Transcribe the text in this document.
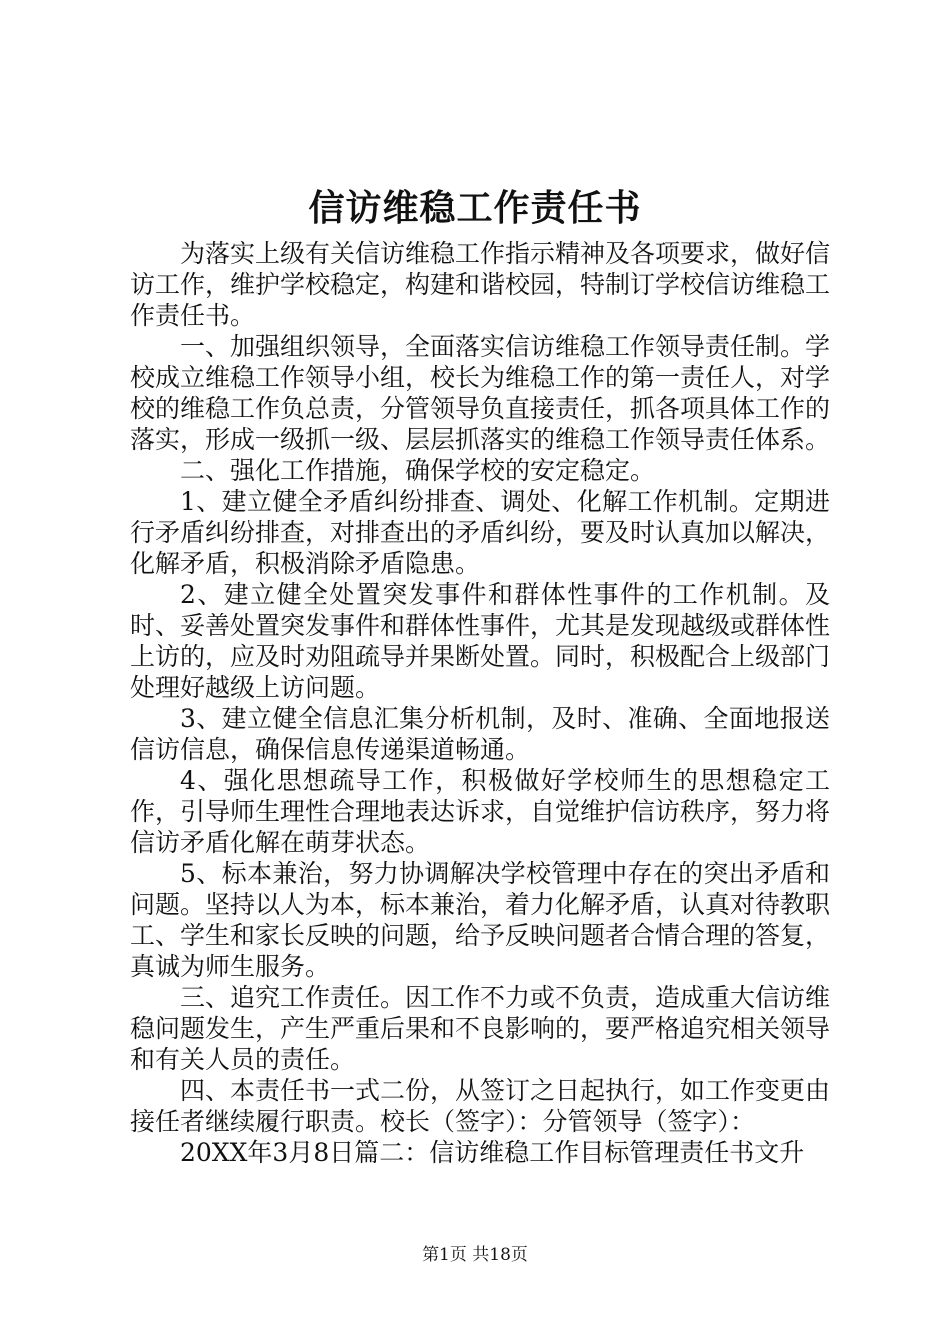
信访维稳工作责任书

为落实上级有关信访维稳工作指示精神及各项要求，做好信访工作，维护学校稳定，构建和谐校园，特制订学校信访维稳工作责任书。

一、加强组织领导，全面落实信访维稳工作领导责任制。学校成立维稳工作领导小组，校长为维稳工作的第一责任人，对学校的维稳工作负总责，分管领导负直接责任，抓各项具体工作的落实，形成一级抓一级、层层抓落实的维稳工作领导责任体系。

二、强化工作措施，确保学校的安定稳定。

1、建立健全矛盾纠纷排查、调处、化解工作机制。定期进行矛盾纠纷排查，对排查出的矛盾纠纷，要及时认真加以解决，化解矛盾，积极消除矛盾隐患。

2、建立健全处置突发事件和群体性事件的工作机制。及时、妥善处置突发事件和群体性事件，尤其是发现越级或群体性上访的，应及时劝阻疏导并果断处置。同时，积极配合上级部门处理好越级上访问题。

3、建立健全信息汇集分析机制，及时、准确、全面地报送信访信息，确保信息传递渠道畅通。

4、强化思想疏导工作，积极做好学校师生的思想稳定工作，引导师生理性合理地表达诉求，自觉维护信访秩序，努力将信访矛盾化解在萌芽状态。

5、标本兼治，努力协调解决学校管理中存在的突出矛盾和问题。坚持以人为本，标本兼治，着力化解矛盾，认真对待教职工、学生和家长反映的问题，给予反映问题者合情合理的答复，真诚为师生服务。

三、追究工作责任。因工作不力或不负责，造成重大信访维稳问题发生，产生严重后果和不良影响的，要严格追究相关领导和有关人员的责任。

四、本责任书一式二份，从签订之日起执行，如工作变更由接任者继续履行职责。校长（签字）：分管领导（签字）：

20XX年3月8日篇二：信访维稳工作目标管理责任书文升

第1页 共18页
